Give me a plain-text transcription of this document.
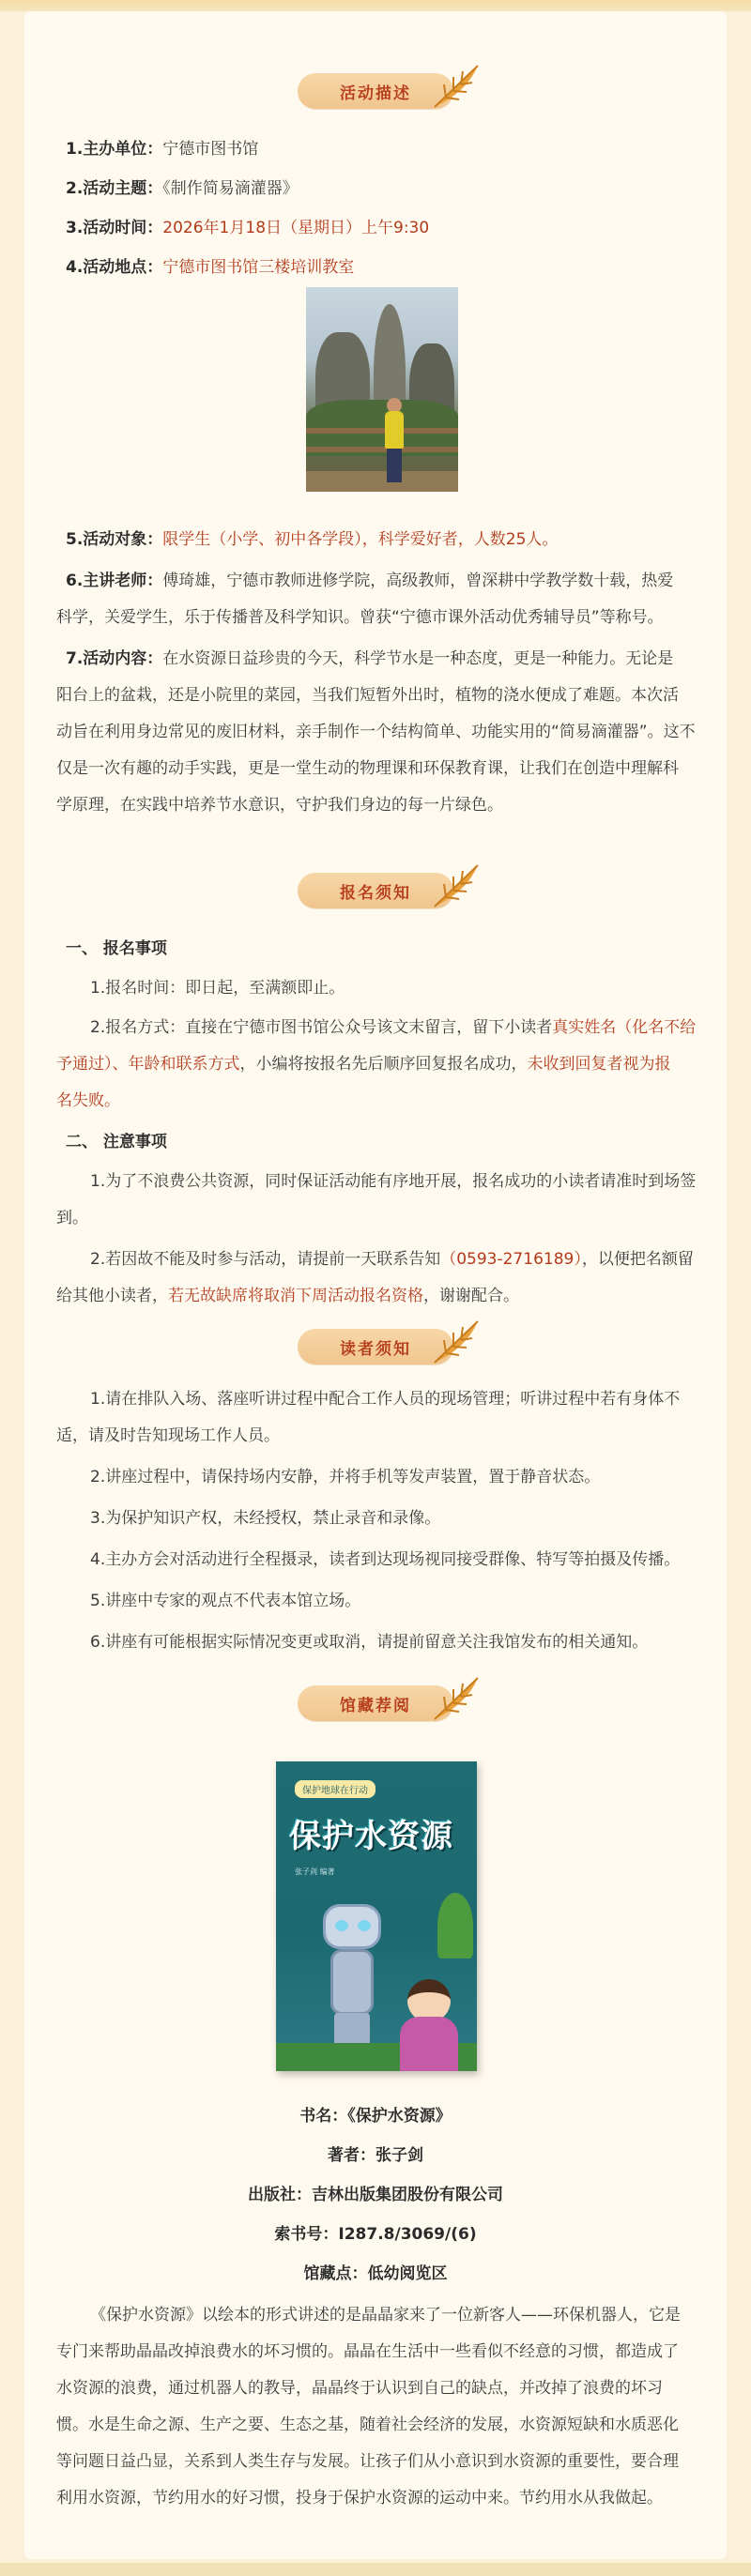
活动描述
1.主办单位：宁德市图书馆
2.活动主题：《制作简易滴灌器》
3.活动时间：2026年1月18日（星期日）上午9:30
4.活动地点：宁德市图书馆三楼培训教室
5.活动对象：限学生（小学、初中各学段），科学爱好者，人数25人。
6.主讲老师：傅琦雄，宁德市教师进修学院，高级教师，曾深耕中学教学数十载，热爱
科学，关爱学生，乐于传播普及科学知识。曾获“宁德市课外活动优秀辅导员”等称号。
7.活动内容：在水资源日益珍贵的今天，科学节水是一种态度，更是一种能力。无论是
阳台上的盆栽，还是小院里的菜园，当我们短暂外出时，植物的浇水便成了难题。本次活
动旨在利用身边常见的废旧材料，亲手制作一个结构简单、功能实用的“简易滴灌器”。这不
仅是一次有趣的动手实践，更是一堂生动的物理课和环保教育课，让我们在创造中理解科
学原理，在实践中培养节水意识，守护我们身边的每一片绿色。
报名须知
一、 报名事项
1.报名时间：即日起，至满额即止。
2.报名方式：直接在宁德市图书馆公众号该文末留言，留下小读者真实姓名（化名不给
予通过）、年龄和联系方式，小编将按报名先后顺序回复报名成功，未收到回复者视为报
名失败。
二、 注意事项
1.为了不浪费公共资源，同时保证活动能有序地开展，报名成功的小读者请准时到场签
到。
2.若因故不能及时参与活动，请提前一天联系告知（0593-2716189），以便把名额留
给其他小读者，若无故缺席将取消下周活动报名资格，谢谢配合。
读者须知
1.请在排队入场、落座听讲过程中配合工作人员的现场管理；听讲过程中若有身体不
适，请及时告知现场工作人员。
2.讲座过程中，请保持场内安静，并将手机等发声装置，置于静音状态。
3.为保护知识产权，未经授权，禁止录音和录像。
4.主办方会对活动进行全程摄录，读者到达现场视同接受群像、特写等拍摄及传播。
5.讲座中专家的观点不代表本馆立场。
6.讲座有可能根据实际情况变更或取消，请提前留意关注我馆发布的相关通知。
馆藏荐阅
保护地球在行动
保护水资源
张子剑 编著
书名：《保护水资源》
著者：张子剑
出版社：吉林出版集团股份有限公司
索书号：I287.8/3069/(6)
馆藏点：低幼阅览区
《保护水资源》以绘本的形式讲述的是晶晶家来了一位新客人——环保机器人，它是
专门来帮助晶晶改掉浪费水的坏习惯的。晶晶在生活中一些看似不经意的习惯，都造成了
水资源的浪费，通过机器人的教导，晶晶终于认识到自己的缺点，并改掉了浪费的坏习
惯。水是生命之源、生产之要、生态之基，随着社会经济的发展，水资源短缺和水质恶化
等问题日益凸显，关系到人类生存与发展。让孩子们从小意识到水资源的重要性，要合理
利用水资源，节约用水的好习惯，投身于保护水资源的运动中来。节约用水从我做起。
